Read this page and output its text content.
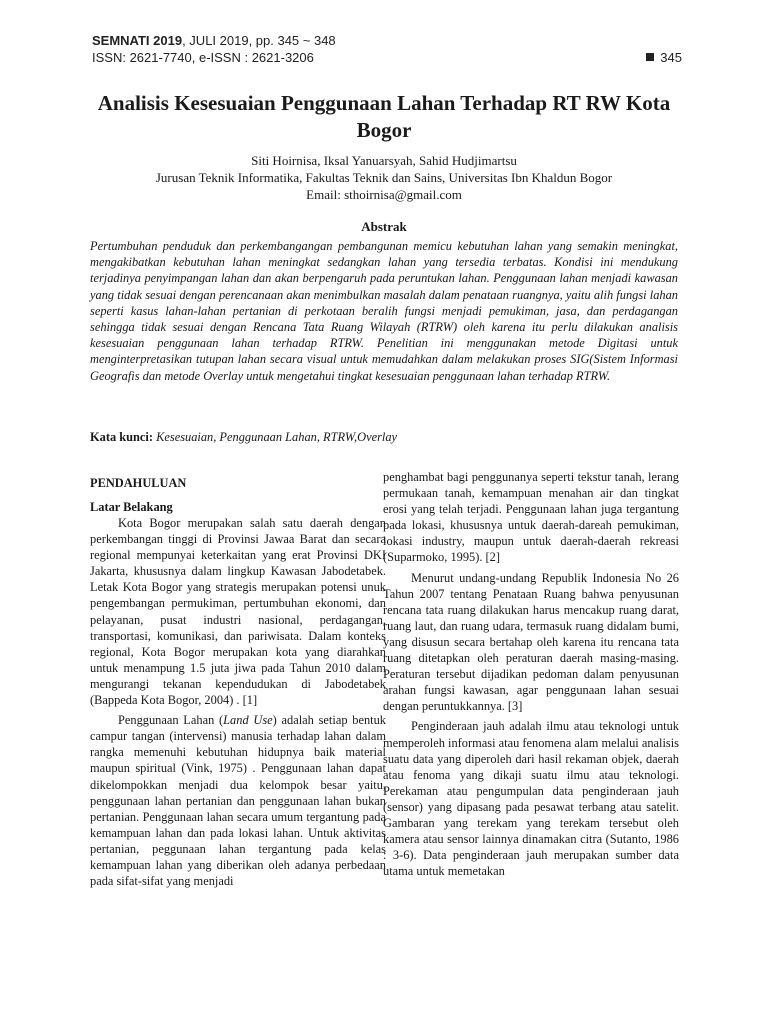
SEMNATI 2019, JULI 2019, pp. 345 ~ 348
ISSN: 2621-7740, e-ISSN : 2621-3206	345
Analisis Kesesuaian Penggunaan Lahan Terhadap RT RW Kota Bogor
Siti Hoirnisa, Iksal Yanuarsyah, Sahid Hudjimartsu
Jurusan Teknik Informatika, Fakultas Teknik dan Sains, Universitas Ibn Khaldun Bogor
Email: sthoirnisa@gmail.com
Abstrak

Pertumbuhan penduduk dan perkembangangan pembangunan memicu kebutuhan lahan yang semakin meningkat, mengakibatkan kebutuhan lahan meningkat sedangkan lahan yang tersedia terbatas. Kondisi ini mendukung terjadinya penyimpangan lahan dan akan berpengaruh pada peruntukan lahan. Penggunaan lahan menjadi kawasan yang tidak sesuai dengan perencanaan akan menimbulkan masalah dalam penataan ruangnya, yaitu alih fungsi lahan seperti kasus lahan-lahan pertanian di perkotaan beralih fungsi menjadi pemukiman, jasa, dan perdagangan sehingga tidak sesuai dengan Rencana Tata Ruang Wilayah (RTRW) oleh karena itu perlu dilakukan analisis kesesuaian penggunaan lahan terhadap RTRW. Penelitian ini menggunakan metode Digitasi untuk menginterpretasikan tutupan lahan secara visual untuk memudahkan dalam melakukan proses SIG(Sistem Informasi Geografis dan metode Overlay untuk mengetahui tingkat kesesuaian penggunaan lahan terhadap RTRW.

Kata kunci: Kesesuaian, Penggunaan Lahan, RTRW,Overlay
PENDAHULUAN
Latar Belakang

Kota Bogor merupakan salah satu daerah dengan perkembangan tinggi di Provinsi Jawaa Barat dan secara regional mempunyai keterkaitan yang erat Provinsi DKI Jakarta, khususnya dalam lingkup Kawasan Jabodetabek. Letak Kota Bogor yang strategis merupakan potensi unuk pengembangan permukiman, pertumbuhan ekonomi, dan pelayanan, pusat industri nasional, perdagangan, transportasi, komunikasi, dan pariwisata. Dalam konteks regional, Kota Bogor merupakan kota yang diarahkan untuk menampung 1.5 juta jiwa pada Tahun 2010 dalam mengurangi tekanan kependudukan di Jabodetabek (Bappeda Kota Bogor, 2004) . [1]

Penggunaan Lahan (Land Use) adalah setiap bentuk campur tangan (intervensi) manusia terhadap lahan dalam rangka memenuhi kebutuhan hidupnya baik material maupun spiritual (Vink, 1975) . Penggunaan lahan dapat dikelompokkan menjadi dua kelompok besar yaitu, penggunaan lahan pertanian dan penggunaan lahan bukan pertanian. Penggunaan lahan secara umum tergantung pada kemampuan lahan dan pada lokasi lahan. Untuk aktivitas pertanian, peggunaan lahan tergantung pada kelas kemampuan lahan yang diberikan oleh adanya perbedaan pada sifat-sifat yang menjadi

penghambat bagi penggunanya seperti tekstur tanah, lerang permukaan tanah, kemampuan menahan air dan tingkat erosi yang telah terjadi. Penggunaan lahan juga tergantung pada lokasi, khususnya untuk daerah-dareah pemukiman, lokasi industry, maupun untuk daerah-daerah rekreasi (Suparmoko, 1995). [2]

Menurut undang-undang Republik Indonesia No 26 Tahun 2007 tentang Penataan Ruang bahwa penyusunan rencana tata ruang dilakukan harus mencakup ruang darat, ruang laut, dan ruang udara, termasuk ruang didalam bumi, yang disusun secara bertahap oleh karena itu rencana tata ruang ditetapkan oleh peraturan daerah masing-masing. Peraturan tersebut dijadikan pedoman dalam penyusunan arahan fungsi kawasan, agar penggunaan lahan sesuai dengan peruntukkannya. [3]

Penginderaan jauh adalah ilmu atau teknologi untuk memperoleh informasi atau fenomena alam melalui analisis suatu data yang diperoleh dari hasil rekaman objek, daerah atau fenoma yang dikaji suatu ilmu atau teknologi. Perekaman atau pengumpulan data penginderaan jauh (sensor) yang dipasang pada pesawat terbang atau satelit. Gambaran yang terekam yang terekam tersebut oleh kamera atau sensor lainnya dinamakan citra (Sutanto, 1986 : 3-6). Data penginderaan jauh merupakan sumber data utama untuk memetakan
